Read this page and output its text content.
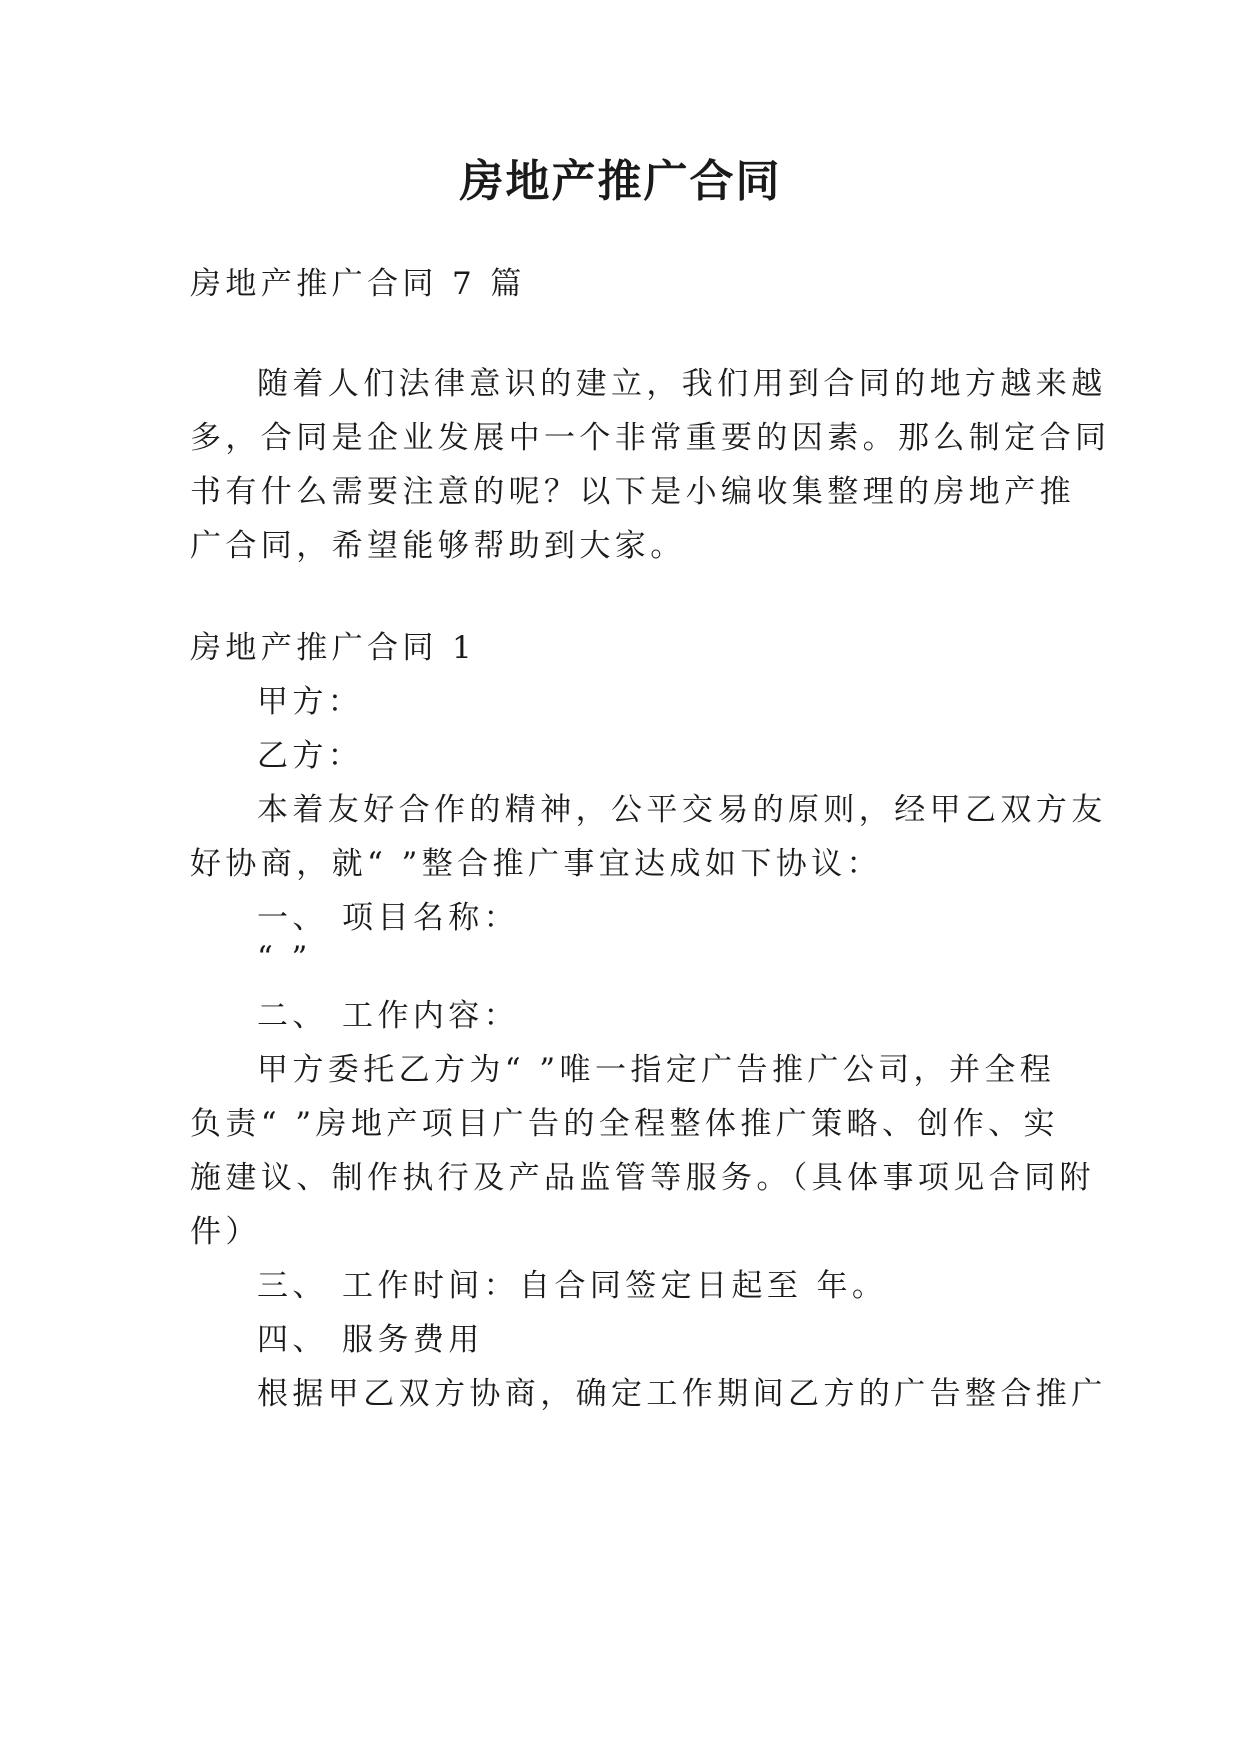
房地产推广合同
房地产推广合同 7 篇
随着人们法律意识的建立，我们用到合同的地方越来越
多，合同是企业发展中一个非常重要的因素。那么制定合同
书有什么需要注意的呢？以下是小编收集整理的房地产推
广合同，希望能够帮助到大家。
房地产推广合同 1
甲方：
乙方：
本着友好合作的精神，公平交易的原则，经甲乙双方友
好协商，就“ ”整合推广事宜达成如下协议：
一、 项目名称：
“ ”
二、 工作内容：
甲方委托乙方为“ ”唯一指定广告推广公司，并全程
负责“ ”房地产项目广告的全程整体推广策略、创作、实
施建议、制作执行及产品监管等服务。（具体事项见合同附
件）
三、 工作时间：自合同签定日起至 年。
四、 服务费用
根据甲乙双方协商，确定工作期间乙方的广告整合推广
